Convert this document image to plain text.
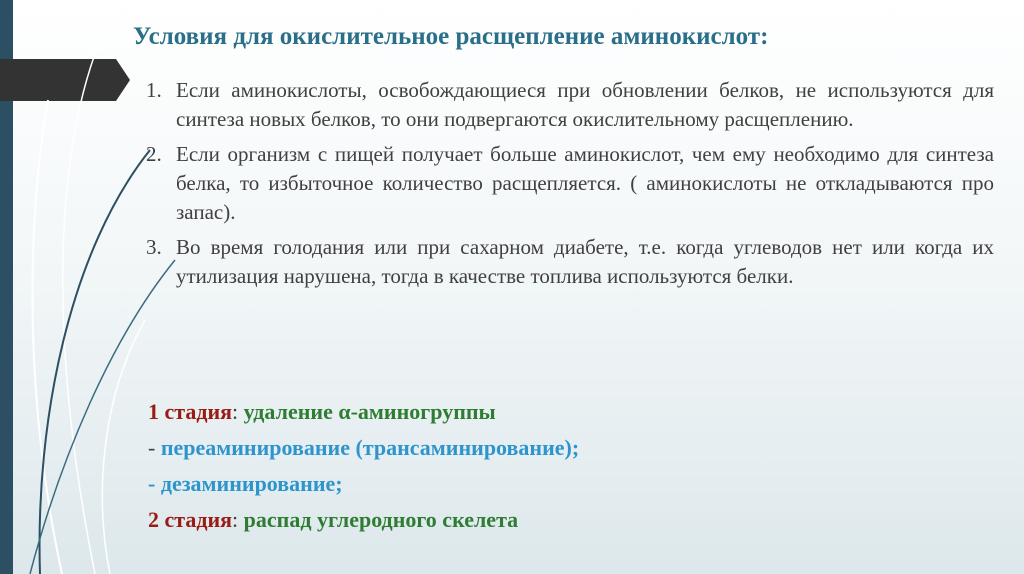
Условия для окислительное расщепление аминокислот:
1. Если аминокислоты, освобождающиеся при обновлении белков, не используются для синтеза новых белков, то они подвергаются окислительному расщеплению.
2. Если организм с пищей получает больше аминокислот, чем ему необходимо для синтеза белка, то избыточное количество расщепляется. ( аминокислоты не откладываются про запас).
3. Во время голодания или при сахарном диабете, т.е. когда углеводов нет или когда их утилизация нарушена, тогда в качестве топлива используются белки.
1 стадия: удаление α-аминогруппы
- переаминирование (трансаминирование);
- дезаминирование;
2 стадия: распад углеродного скелета
